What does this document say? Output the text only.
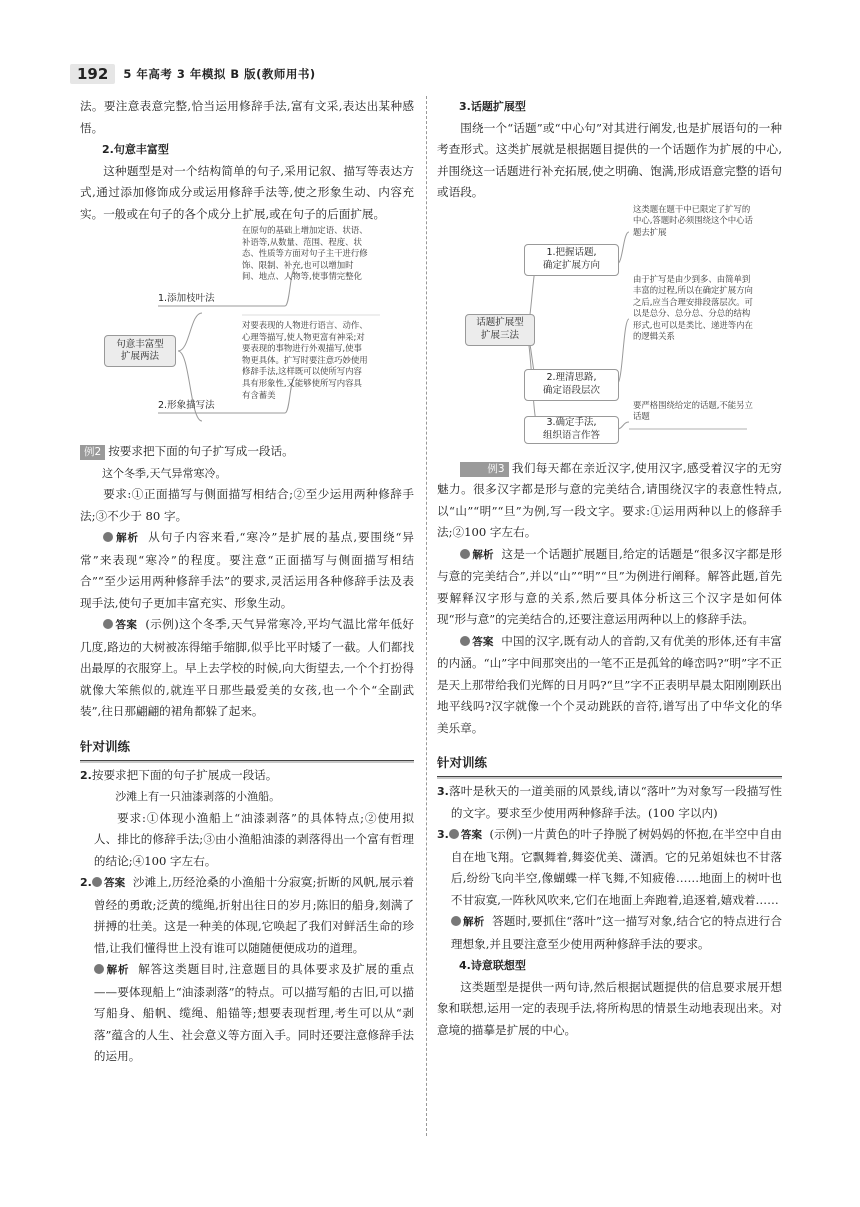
192	5 年高考 3 年模拟 B 版(教师用书)

法。要注意表意完整,恰当运用修辞手法,富有文采,表达出某种感悟。

2.句意丰富型

这种题型是对一个结构简单的句子,采用记叙、描写等表达方式,通过添加修饰成分或运用修辞手法等,使之形象生动、内容充实。一般或在句子的各个成分上扩展,或在句子的后面扩展。

句意丰富型
扩展两法
1.添加枝叶法
2.形象描写法
在原句的基础上增加定语、状语、补语等,从数量、范围、程度、状态、性质等方面对句子主干进行修饰、限制、补充,也可以增加时间、地点、人物等,使事情完整化
对要表现的人物进行语言、动作、心理等描写,使人物更富有神采;对要表现的事物进行外观描写,使事物更具体。扩写时要注意巧妙使用修辞手法,这样既可以使所写内容具有形象性,又能够使所写内容具有含蓄美

例2 按要求把下面的句子扩写成一段话。

这个冬季,天气异常寒冷。

要求:①正面描写与侧面描写相结合;②至少运用两种修辞手法;③不少于 80 字。

解析 从句子内容来看,“寒冷”是扩展的基点,要围绕“异常”来表现“寒冷”的程度。要注意“正面描写与侧面描写相结合”“至少运用两种修辞手法”的要求,灵活运用各种修辞手法及表现手法,使句子更加丰富充实、形象生动。

答案 (示例)这个冬季,天气异常寒冷,平均气温比常年低好几度,路边的大树被冻得缩手缩脚,似乎比平时矮了一截。人们都找出最厚的衣服穿上。早上去学校的时候,向大街望去,一个个打扮得就像大笨熊似的,就连平日那些最爱美的女孩,也一个个“全副武装”,往日那翩翩的裙角都躲了起来。

针对训练

2.按要求把下面的句子扩展成一段话。

沙滩上有一只油漆剥落的小渔船。

要求:①体现小渔船上“油漆剥落”的具体特点;②使用拟人、排比的修辞手法;③由小渔船油漆的剥落得出一个富有哲理的结论;④100 字左右。

2. 答案 沙滩上,历经沧桑的小渔船十分寂寞;折断的风帆,展示着曾经的勇敢;泛黄的缆绳,折射出往日的岁月;陈旧的船身,刻满了拼搏的壮美。这是一种美的体现,它唤起了我们对鲜活生命的珍惜,让我们懂得世上没有谁可以随随便便成功的道理。

解析 解答这类题目时,注意题目的具体要求及扩展的重点——要体现船上“油漆剥落”的特点。可以描写船的古旧,可以描写船身、船帆、缆绳、船锚等;想要表现哲理,考生可以从“剥落”蕴含的人生、社会意义等方面入手。同时还要注意修辞手法的运用。

3.话题扩展型

围绕一个“话题”或“中心句”对其进行阐发,也是扩展语句的一种考查形式。这类扩展就是根据题目提供的一个话题作为扩展的中心,并围绕这一话题进行补充拓展,使之明确、饱满,形成语意完整的语句或语段。

话题扩展型
扩展三法
1.把握话题,
确定扩展方向
2.理清思路,
确定语段层次
3.确定手法,
组织语言作答
这类题在题干中已限定了扩写的中心,答题时必须围绕这个中心话题去扩展
由于扩写是由少到多、由简单到丰富的过程,所以在确定扩展方向之后,应当合理安排段落层次。可以是总分、总分总、分总的结构形式,也可以是类比、递进等内在的逻辑关系
要严格围绕给定的话题,不能另立话题

例3 我们每天都在亲近汉字,使用汉字,感受着汉字的无穷魅力。很多汉字都是形与意的完美结合,请围绕汉字的表意性特点,以“山”“明”“旦”为例,写一段文字。要求:①运用两种以上的修辞手法;②100 字左右。

解析 这是一个话题扩展题目,给定的话题是“很多汉字都是形与意的完美结合”,并以“山”“明”“旦”为例进行阐释。解答此题,首先要解释汉字形与意的关系,然后要具体分析这三个汉字是如何体现“形与意”的完美结合的,还要注意运用两种以上的修辞手法。

答案 中国的汉字,既有动人的音韵,又有优美的形体,还有丰富的内涵。“山”字中间那突出的一笔不正是孤耸的峰峦吗?“明”字不正是天上那带给我们光辉的日月吗?“旦”字不正表明早晨太阳刚刚跃出地平线吗?汉字就像一个个灵动跳跃的音符,谱写出了中华文化的华美乐章。

针对训练

3.落叶是秋天的一道美丽的风景线,请以“落叶”为对象写一段描写性的文字。要求至少使用两种修辞手法。(100 字以内)

3. 答案 (示例)一片黄色的叶子挣脱了树妈妈的怀抱,在半空中自由自在地飞翔。它飘舞着,舞姿优美、潇洒。它的兄弟姐妹也不甘落后,纷纷飞向半空,像蝴蝶一样飞舞,不知疲倦……地面上的树叶也不甘寂寞,一阵秋风吹来,它们在地面上奔跑着,追逐着,嬉戏着……

解析 答题时,要抓住“落叶”这一描写对象,结合它的特点进行合理想象,并且要注意至少使用两种修辞手法的要求。

4.诗意联想型

这类题型是提供一两句诗,然后根据试题提供的信息要求展开想象和联想,运用一定的表现手法,将所构思的情景生动地表现出来。对意境的描摹是扩展的中心。
